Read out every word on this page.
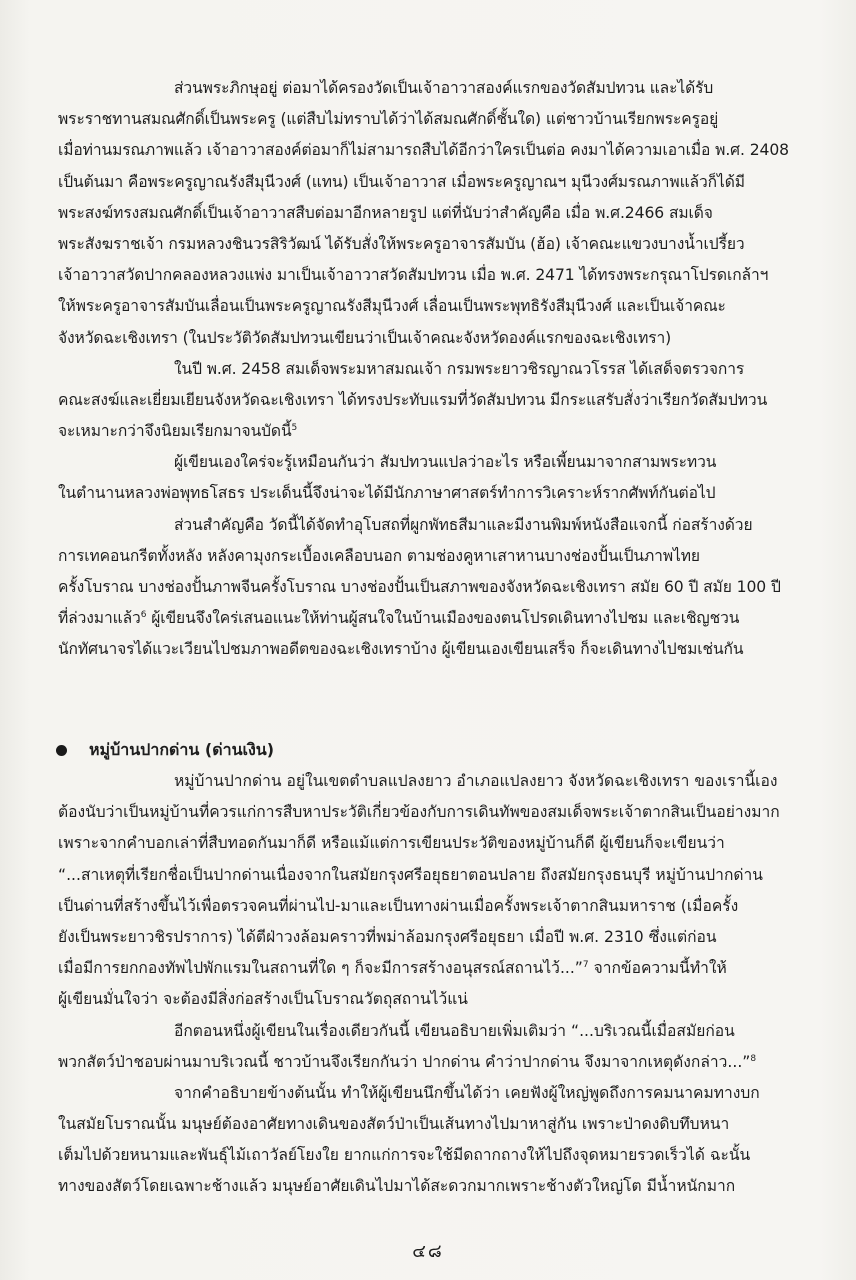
ส่วนพระภิกษุอยู่ ต่อมาได้ครองวัดเป็นเจ้าอาวาสองค์แรกของวัดสัมปทวน และได้รับ
พระราชทานสมณศักดิ์เป็นพระครู (แต่สืบไม่ทราบได้ว่าได้สมณศักดิ์ชั้นใด) แต่ชาวบ้านเรียกพระครูอยู่
เมื่อท่านมรณภาพแล้ว เจ้าอาวาสองค์ต่อมาก็ไม่สามารถสืบได้อีกว่าใครเป็นต่อ คงมาได้ความเอาเมื่อ พ.ศ. 2408
เป็นต้นมา คือพระครูญาณรังสีมุนีวงศ์ (แทน) เป็นเจ้าอาวาส เมื่อพระครูญาณฯ มุนีวงศ์มรณภาพแล้วก็ได้มี
พระสงฆ์ทรงสมณศักดิ์เป็นเจ้าอาวาสสืบต่อมาอีกหลายรูป แต่ที่นับว่าสำคัญคือ เมื่อ พ.ศ.2466 สมเด็จ
พระสังฆราชเจ้า กรมหลวงชินวรสิริวัฒน์ ได้รับสั่งให้พระครูอาจารสัมบัน (ฮ้อ) เจ้าคณะแขวงบางน้ำเปรี้ยว
เจ้าอาวาสวัดปากคลองหลวงแพ่ง มาเป็นเจ้าอาวาสวัดสัมปทวน เมื่อ พ.ศ. 2471 ได้ทรงพระกรุณาโปรดเกล้าฯ
ให้พระครูอาจารสัมบันเลื่อนเป็นพระครูญาณรังสีมุนีวงศ์ เลื่อนเป็นพระพุทธิรังสีมุนีวงศ์ และเป็นเจ้าคณะ
จังหวัดฉะเชิงเทรา (ในประวัติวัดสัมปทวนเขียนว่าเป็นเจ้าคณะจังหวัดองค์แรกของฉะเชิงเทรา)
ในปี พ.ศ. 2458 สมเด็จพระมหาสมณเจ้า กรมพระยาวชิรญาณวโรรส ได้เสด็จตรวจการ
คณะสงฆ์และเยี่ยมเยียนจังหวัดฉะเชิงเทรา ได้ทรงประทับแรมที่วัดสัมปทวน มีกระแสรับสั่งว่าเรียกวัดสัมปทวน
จะเหมาะกว่าจึงนิยมเรียกมาจนบัดนี้$^5$
ผู้เขียนเองใคร่จะรู้เหมือนกันว่า สัมปทวนแปลว่าอะไร หรือเพี้ยนมาจากสามพระทวน
ในตำนานหลวงพ่อพุทธโสธร ประเด็นนี้จึงน่าจะได้มีนักภาษาศาสตร์ทำการวิเคราะห์รากศัพท์กันต่อไป
ส่วนสำคัญคือ วัดนี้ได้จัดทำอุโบสถที่ผูกพัทธสีมาและมีงานพิมพ์หนังสือแจกนี้ ก่อสร้างด้วย
การเทคอนกรีตทั้งหลัง หลังคามุงกระเบื้องเคลือบนอก ตามช่องคูหาเสาหานบางช่องปั้นเป็นภาพไทย
ครั้งโบราณ บางช่องปั้นภาพจีนครั้งโบราณ บางช่องปั้นเป็นสภาพของจังหวัดฉะเชิงเทรา สมัย 60 ปี สมัย 100 ปี
ที่ล่วงมาแล้ว$^6$ ผู้เขียนจึงใคร่เสนอแนะให้ท่านผู้สนใจในบ้านเมืองของตนโปรดเดินทางไปชม และเชิญชวน
นักทัศนาจรได้แวะเวียนไปชมภาพอดีตของฉะเชิงเทราบ้าง ผู้เขียนเองเขียนเสร็จ ก็จะเดินทางไปชมเช่นกัน
หมู่บ้านปากด่าน (ด่านเงิน)
หมู่บ้านปากด่าน อยู่ในเขตตำบลแปลงยาว อำเภอแปลงยาว จังหวัดฉะเชิงเทรา ของเรานี้เอง
ต้องนับว่าเป็นหมู่บ้านที่ควรแก่การสืบหาประวัติเกี่ยวข้องกับการเดินทัพของสมเด็จพระเจ้าตากสินเป็นอย่างมาก
เพราะจากคำบอกเล่าที่สืบทอดกันมาก็ดี หรือแม้แต่การเขียนประวัติของหมู่บ้านก็ดี ผู้เขียนก็จะเขียนว่า
“...สาเหตุที่เรียกชื่อเป็นปากด่านเนื่องจากในสมัยกรุงศรีอยุธยาตอนปลาย ถึงสมัยกรุงธนบุรี หมู่บ้านปากด่าน
เป็นด่านที่สร้างขึ้นไว้เพื่อตรวจคนที่ผ่านไป-มาและเป็นทางผ่านเมื่อครั้งพระเจ้าตากสินมหาราช (เมื่อครั้ง
ยังเป็นพระยาวชิรปราการ) ได้ตีฝ่าวงล้อมคราวที่พม่าล้อมกรุงศรีอยุธยา เมื่อปี พ.ศ. 2310 ซึ่งแต่ก่อน
เมื่อมีการยกกองทัพไปพักแรมในสถานที่ใด ๆ ก็จะมีการสร้างอนุสรณ์สถานไว้...”$^7$ จากข้อความนี้ทำให้
ผู้เขียนมั่นใจว่า จะต้องมีสิ่งก่อสร้างเป็นโบราณวัตถุสถานไว้แน่
อีกตอนหนึ่งผู้เขียนในเรื่องเดียวกันนี้ เขียนอธิบายเพิ่มเติมว่า “...บริเวณนี้เมื่อสมัยก่อน
พวกสัตว์ป่าชอบผ่านมาบริเวณนี้ ชาวบ้านจึงเรียกกันว่า ปากด่าน คำว่าปากด่าน จึงมาจากเหตุดังกล่าว...”$^8$
จากคำอธิบายข้างต้นนั้น ทำให้ผู้เขียนนึกขึ้นได้ว่า เคยฟังผู้ใหญ่พูดถึงการคมนาคมทางบก
ในสมัยโบราณนั้น มนุษย์ต้องอาศัยทางเดินของสัตว์ป่าเป็นเส้นทางไปมาหาสู่กัน เพราะป่าดงดิบทึบหนา
เต็มไปด้วยหนามและพันธุ์ไม้เถาวัลย์โยงใย ยากแก่การจะใช้มีดถากถางให้ไปถึงจุดหมายรวดเร็วได้ ฉะนั้น
ทางของสัตว์โดยเฉพาะช้างแล้ว มนุษย์อาศัยเดินไปมาได้สะดวกมากเพราะช้างตัวใหญ่โต มีน้ำหนักมาก
๔๘
